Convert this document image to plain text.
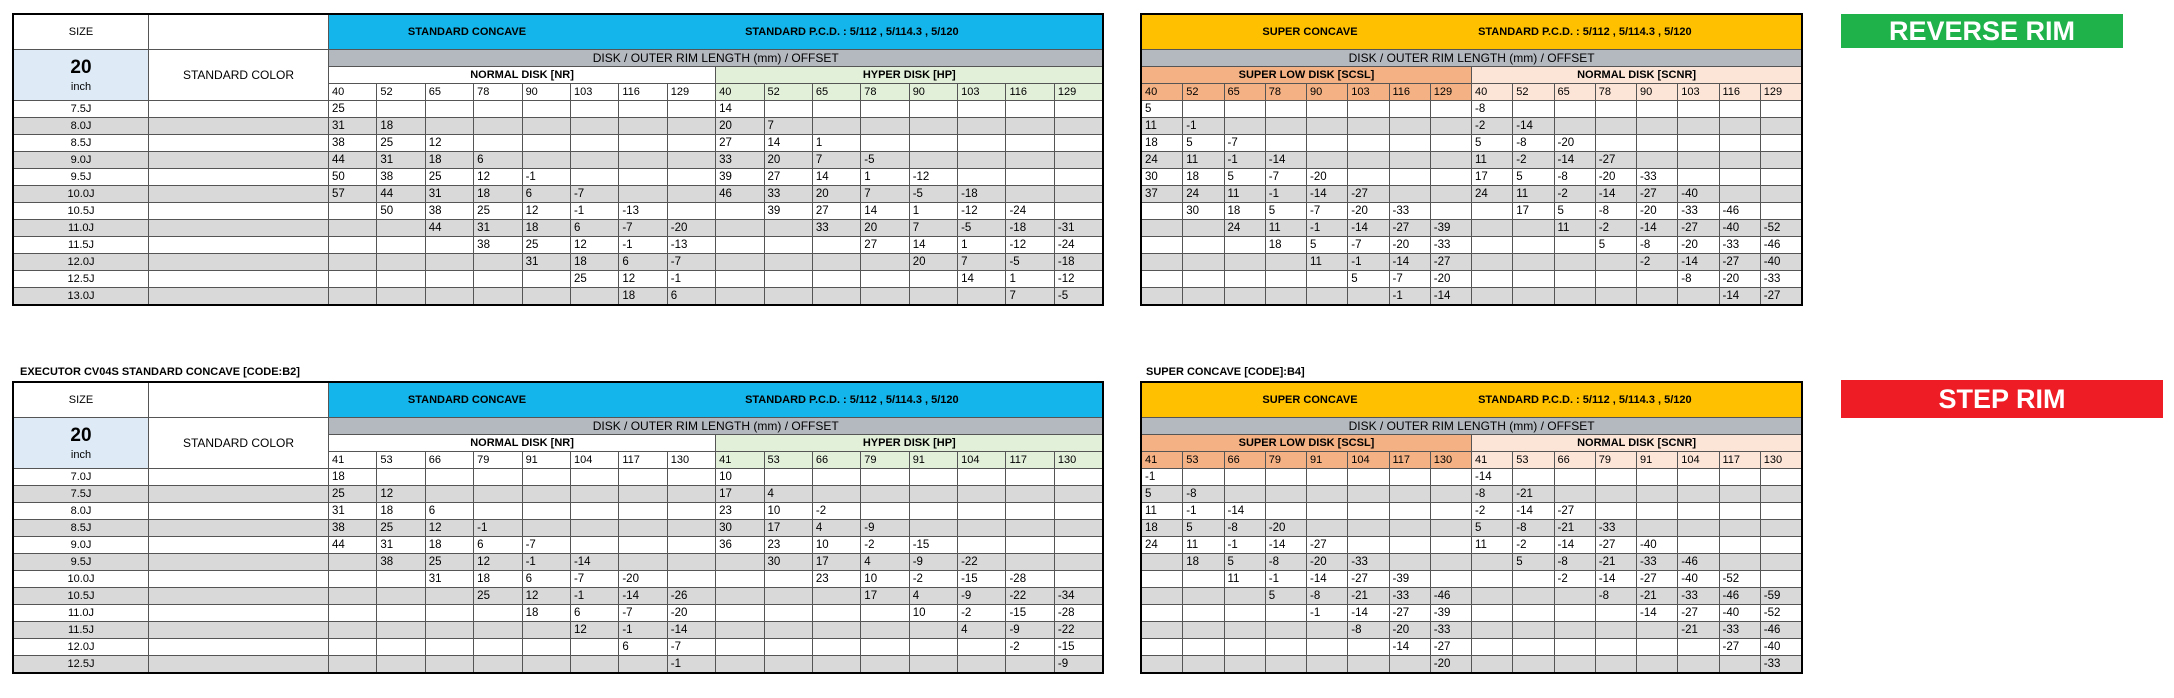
SIZE		STANDARD CONCAVE STANDARD P.C.D. : 5/112 , 5/114.3 , 5/120															

20
inch	STANDARD COLOR	DISK / OUTER RIM LENGTH (mm) / OFFSET															
		NORMAL DISK [NR]								HYPER DISK [HP]							
		40	52	65	78	90	103	116	129	40	52	65	78	90	103	116	129
7.5J		25								14							
8.0J		31	18							20	7						
8.5J		38	25	12						27	14	1					
9.0J		44	31	18	6					33	20	7	-5				
9.5J		50	38	25	12	-1				39	27	14	1	-12			
10.0J		57	44	31	18	6	-7			46	33	20	7	-5	-18		
10.5J			50	38	25	12	-1	-13			39	27	14	1	-12	-24	
11.0J				44	31	18	6	-7	-20			33	20	7	-5	-18	-31
11.5J					38	25	12	-1	-13				27	14	1	-12	-24
12.0J						31	18	6	-7					20	7	-5	-18
12.5J							25	12	-1						14	1	-12
13.0J								18	6							7	-5
SUPER CONCAVE STANDARD P.C.D. : 5/112 , 5/114.3 , 5/120															
DISK / OUTER RIM LENGTH (mm) / OFFSET															
SUPER LOW DISK [SCSL]								NORMAL DISK [SCNR]							
40	52	65	78	90	103	116	129	40	52	65	78	90	103	116	129
5								-8							
11	-1							-2	-14						
18	5	-7						5	-8	-20					
24	11	-1	-14					11	-2	-14	-27				
30	18	5	-7	-20				17	5	-8	-20	-33			
37	24	11	-1	-14	-27			24	11	-2	-14	-27	-40		
	30	18	5	-7	-20	-33			17	5	-8	-20	-33	-46	
		24	11	-1	-14	-27	-39			11	-2	-14	-27	-40	-52
			18	5	-7	-20	-33				5	-8	-20	-33	-46
				11	-1	-14	-27					-2	-14	-27	-40
					5	-7	-20						-8	-20	-33
						-1	-14							-14	-27
REVERSE RIM
EXECUTOR CV04S STANDARD CONCAVE [CODE:B2]	SUPER CONCAVE [CODE]:B4]
SIZE		STANDARD CONCAVE STANDARD P.C.D. : 5/112 , 5/114.3 , 5/120															

20
inch	STANDARD COLOR	DISK / OUTER RIM LENGTH (mm) / OFFSET															
		NORMAL DISK [NR]								HYPER DISK [HP]							
		41	53	66	79	91	104	117	130	41	53	66	79	91	104	117	130
7.0J		18								10							
7.5J		25	12							17	4						
8.0J		31	18	6						23	10	-2					
8.5J		38	25	12	-1					30	17	4	-9				
9.0J		44	31	18	6	-7				36	23	10	-2	-15			
9.5J			38	25	12	-1	-14				30	17	4	-9	-22		
10.0J				31	18	6	-7	-20				23	10	-2	-15	-28	
10.5J					25	12	-1	-14	-26				17	4	-9	-22	-34
11.0J						18	6	-7	-20					10	-2	-15	-28
11.5J							12	-1	-14						4	-9	-22
12.0J								6	-7							-2	-15
12.5J									-1								-9
SUPER CONCAVE STANDARD P.C.D. : 5/112 , 5/114.3 , 5/120															
DISK / OUTER RIM LENGTH (mm) / OFFSET															
SUPER LOW DISK [SCSL]								NORMAL DISK [SCNR]							
41	53	66	79	91	104	117	130	41	53	66	79	91	104	117	130
-1								-14							
5	-8							-8	-21						
11	-1	-14						-2	-14	-27					
18	5	-8	-20					5	-8	-21	-33				
24	11	-1	-14	-27				11	-2	-14	-27	-40			
	18	5	-8	-20	-33				5	-8	-21	-33	-46		
		11	-1	-14	-27	-39				-2	-14	-27	-40	-52	
			5	-8	-21	-33	-46				-8	-21	-33	-46	-59
				-1	-14	-27	-39					-14	-27	-40	-52
					-8	-20	-33						-21	-33	-46
						-14	-27							-27	-40
							-20								-33
STEP RIM
